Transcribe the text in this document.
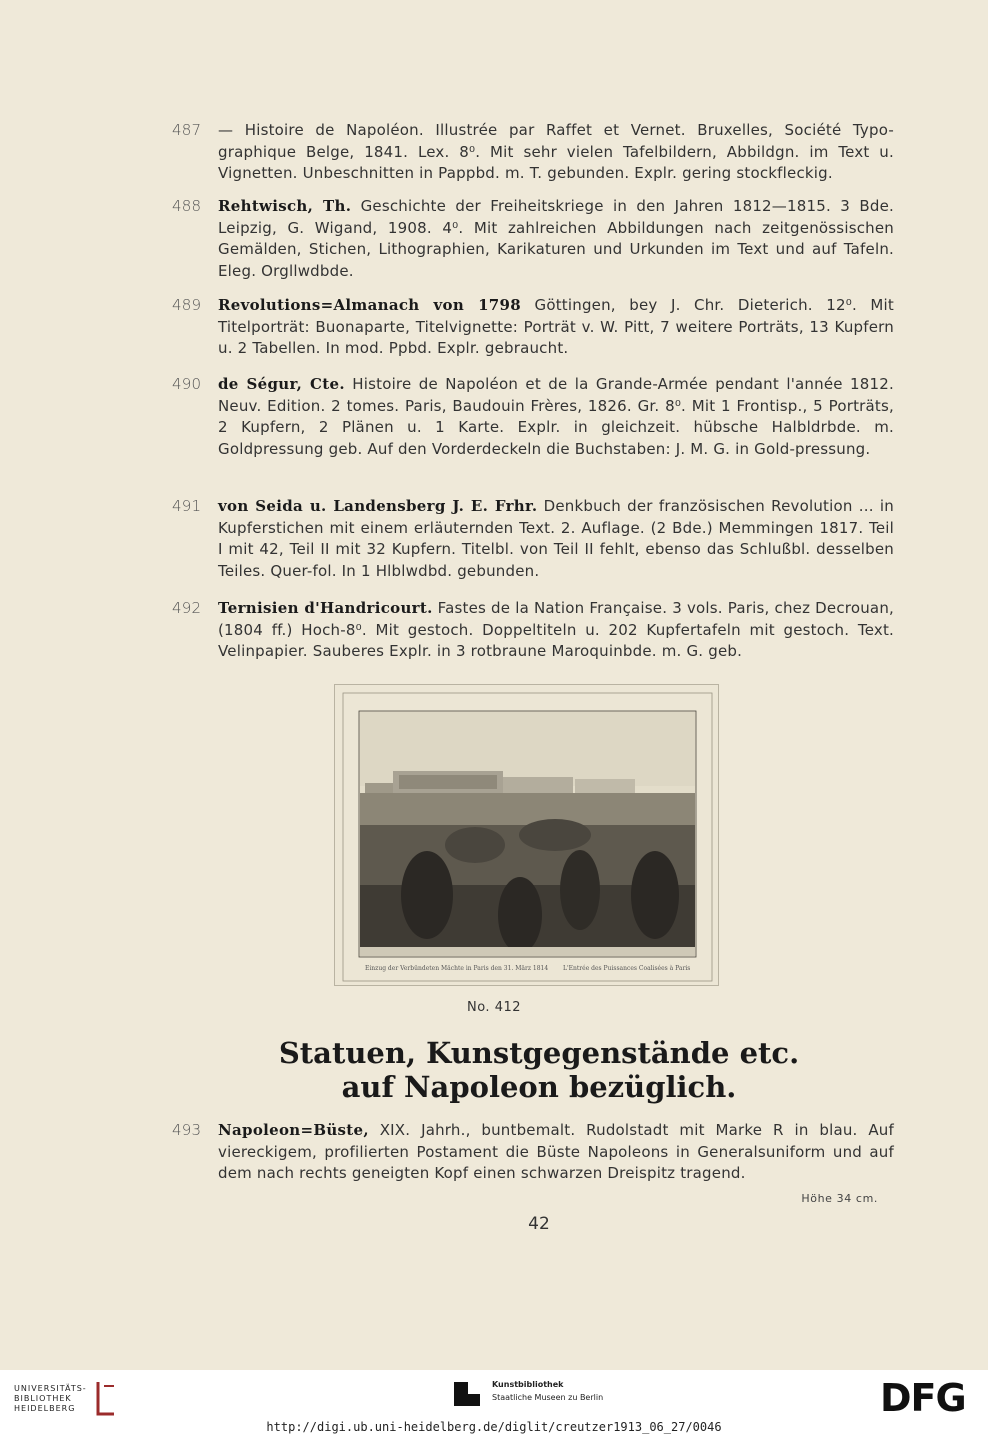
487	— Histoire de Napoléon. Illustrée par Raffet et Vernet. Bruxelles, Société Typo-graphique Belge, 1841. Lex. 8⁰. Mit sehr vielen Tafelbildern, Abbildgn. im Text u. Vignetten. Unbeschnitten in Pappbd. m. T. gebunden. Explr. gering stockfleckig.
488	Rehtwisch, Th. Geschichte der Freiheitskriege in den Jahren 1812—1815. 3 Bde. Leipzig, G. Wigand, 1908. 4⁰. Mit zahlreichen Abbildungen nach zeitgenössischen Gemälden, Stichen, Lithographien, Karikaturen und Urkunden im Text und auf Tafeln. Eleg. Orgllwdbde.
489	Revolutions=Almanach von 1798 Göttingen, bey J. Chr. Dieterich. 12⁰. Mit Titelporträt: Buonaparte, Titelvignette: Porträt v. W. Pitt, 7 weitere Porträts, 13 Kupfern u. 2 Tabellen. In mod. Ppbd. Explr. gebraucht.
490	de Ségur, Cte. Histoire de Napoléon et de la Grande-Armée pendant l'année 1812. Neuv. Edition. 2 tomes. Paris, Baudouin Frères, 1826. Gr. 8⁰. Mit 1 Frontisp., 5 Porträts, 2 Kupfern, 2 Plänen u. 1 Karte. Explr. in gleichzeit. hübsche Halbldrbde. m. Goldpressung geb. Auf den Vorderdeckeln die Buchstaben: J. M. G. in Gold-pressung.
491	von Seida u. Landensberg J. E. Frhr. Denkbuch der französischen Revolution ... in Kupferstichen mit einem erläuternden Text. 2. Auflage. (2 Bde.) Memmingen 1817. Teil I mit 42, Teil II mit 32 Kupfern. Titelbl. von Teil II fehlt, ebenso das Schlußbl. desselben Teiles. Quer-fol. In 1 Hlblwdbd. gebunden.
492	Ternisien d'Handricourt. Fastes de la Nation Française. 3 vols. Paris, chez Decrouan, (1804 ff.) Hoch-8⁰. Mit gestoch. Doppeltiteln u. 202 Kupfertafeln mit gestoch. Text. Velinpapier. Sauberes Explr. in 3 rotbraune Maroquinbde. m. G. geb.
Einzug der Verbündeten Mächte in Paris den 31. März 1814 L'Entrée des Puissances Coalisées à Paris
No. 412
Statuen, Kunstgegenstände etc.
auf Napoleon bezüglich.
493	Napoleon=Büste, XIX. Jahrh., buntbemalt. Rudolstadt mit Marke R in blau. Auf viereckigem, profilierten Postament die Büste Napoleons in Generalsuniform und auf dem nach rechts geneigten Kopf einen schwarzen Dreispitz tragend.
Höhe 34 cm.
42
UNIVERSITÄTS-
BIBLIOTHEK
HEIDELBERG
Kunstbibliothek
Staatliche Museen zu Berlin	DFG
http://digi.ub.uni-heidelberg.de/diglit/creutzer1913_06_27/0046
